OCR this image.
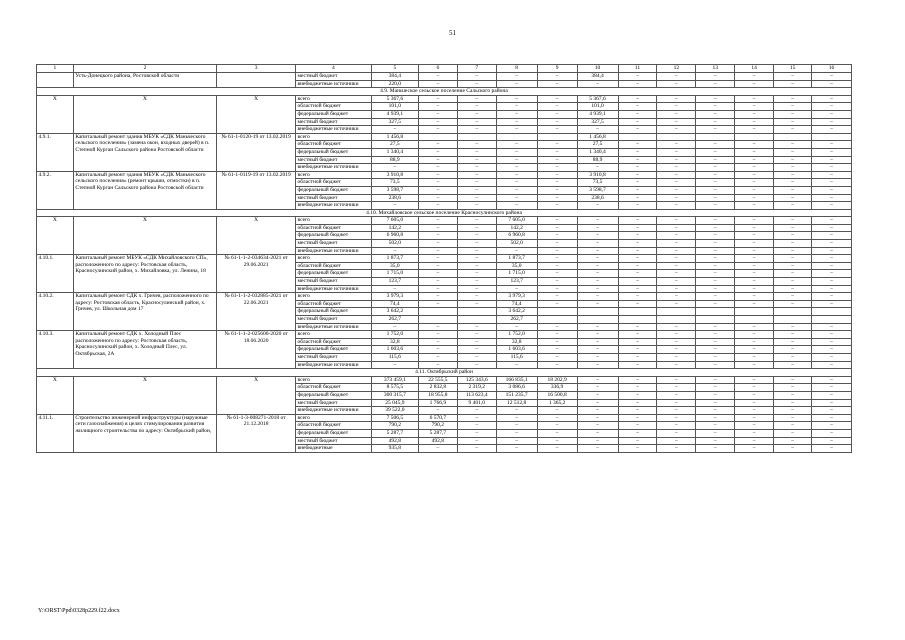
51
1	2	3	4	5	6	7	8	9	10	11	12	13	14	15	16
	Усть-Донецкого района, Ростовской области		местный бюджет	384,4	–	–	–	–	384,4	–	–	–	–	–	–
			внебюджетные источники	220,0	–	–	–	–	–	–	–	–	–	–	–
4.9. Маньческое сельское поселение Сальского района															
Х	Х	Х	всего	5 367,6	–	–	–	–	5 367,6	–	–	–	–	–	–
			областной бюджет	101,0	–	–	–	–	101,0	–	–	–	–	–	–
			федеральный бюджет	4 939,1	–	–	–	–	4 939,1	–	–	–	–	–	–
			местный бюджет	327,5	–	–	–	–	327,5	–	–	–	–	–	–
			внебюджетные источники	–	–	–	–	–	–	–	–	–	–	–	–
4.9.1.	Капитальный ремонт здания МБУК «СДК Маньческого сельского поселения» (замена окон, входных дверей) в п. Степной Курган Сальского района Ростовской области	№ 61-1-0120-19 от 13.02.2019	всего	1 456,8					1 456,8						
			областной бюджет	27,5	–	–	–	–	27,5	–	–	–	–	–	–
			федеральный бюджет	1 340,4	–	–	–	–	1 340,4	–	–	–	–	–	–
			местный бюджет	88,9	–	–	–	–	88,9	–	–	–	–	–	–
			внебюджетные источники	–	–	–	–	–	–	–	–	–	–	–	–
4.9.2.	Капитальный ремонт здания МБУК «СДК Маньческого сельского поселения» (ремонт крыши, отмостки) в п. Степной Курган Сальского района Ростовской области	№ 61-1-0119-19 от 13.02.2019	всего	3 910,8	–	–	–	–	3 910,8	–	–	–	–	–	–
			областной бюджет	73,5	–	–	–	–	73,5	–	–	–	–	–	–
			федеральный бюджет	3 598,7	–	–	–	–	3 598,7	–	–	–	–	–	–
			местный бюджет	238,6	–	–	–	–	238,6	–	–	–	–	–	–
			внебюджетные источники	–	–	–	–	–	–	–	–	–	–	–	–
4.10. Михайловское сельское поселение Красносулинского района															
Х	Х	Х	всего	7 605,0	–	–	7 605,0	–	–	–	–	–	–	–	–
			областной бюджет	142,2	–	–	142,2	–	–	–	–	–	–	–	–
			федеральный бюджет	6 960,8	–	–	6 960,8	–	–	–	–	–	–	–	–
			местный бюджет	502,0	–	–	502,0	–	–	–	–	–	–	–	–
			внебюджетные источники	–	–	–	–	–	–	–	–	–	–	–	–
4.10.1.	Капитальный ремонт МБУК «СДК Михайловского СП», расположенного по адресу: Ростовская область, Красносулинский район, х. Михайловка, ул. Ленина, 18	№ 61-1-1-2-034634-2021 от 29.06.2021	всего	1 873,7	–	–	1 873,7	–	–	–	–	–	–	–	–
			областной бюджет	35,0	–	–	35,0	–	–	–	–	–	–	–	–
			федеральный бюджет	1 715,0	–	–	1 715,0	–	–	–	–	–	–	–	–
			местный бюджет	123,7	–	–	123,7	–	–	–	–	–	–	–	–
			внебюджетные источники	–	–	–	–	–	–	–	–	–	–	–	–
4.10.2.	Капитальный ремонт СДК х. Гричев, расположенного по адресу: Ростовская область, Красносулинский район, х. Гричев, ул. Школьная дом 17	№ 61-1-1-2-032885-2021 от 22.06.2021	всего	3 979,3	–	–	3 979,3	–	–	–	–	–	–	–	–
			областной бюджет	74,4	–	–	74,4	–	–	–	–	–	–	–	–
			федеральный бюджет	3 642,2			3 642,2								
			местный бюджет	262,7			262,7								
			внебюджетные источники	–	–	–	–	–	–	–	–	–	–	–	–
4.10.3.	Капитальный ремонт СДК х. Холодный Плес расположенного по адресу: Ростовская область, Красносулинский район, х. Холодный Плес, ул. Октябрьская, 2А	№ 61-1-1-2-025600-2020 от 18.06.2020	всего	1 752,0	–	–	1 752,0	–	–	–	–	–	–	–	–
			областной бюджет	32,8	–	–	32,8	–	–	–	–	–	–	–	–
			федеральный бюджет	1 603,6	–	–	1 603,6	–	–	–	–	–	–	–	–
			местный бюджет	115,6	–	–	115,6	–	–	–	–	–	–	–	–
			внебюджетные источники	–	–	–	–	–	–	–	–	–	–	–	–
4.11. Октябрьский район															
Х	Х	Х	всего	373 459,1	22 555,5	125 343,6	166 835,1	18 202,9	–	–	–	–	–	–	–
			областной бюджет	8 575,5	2 832,8	2 319,2	3 086,6	336,9	–	–	–	–	–	–	–
			федеральный бюджет	300 315,7	18 955,8	113 623,4	151 235,7	16 500,8	–	–	–	–	–	–	–
			местный бюджет	25 045,9	1 766,9	9 401,0	12 512,8	1 365,2	–	–	–	–	–	–	–
			внебюджетные источники	39 522,0	–	–	–	–	–	–	–	–	–	–	–
4.11.1.	Строительство инженерной инфраструктуры (наружные сети газоснабжения) в целях стимулирования развития жилищного строительства по адресу: Октябрьский район,	№ 61-1-3-008271-2018 от 21.12.2018	всего	7 506,5	6 570,7	–	–	–	–	–	–	–	–	–	–
			областной бюджет	790,2	790,2	–	–	–	–	–	–	–	–	–	–
			федеральный бюджет	5 287,7	5 287,7	–	–	–	–	–	–	–	–	–	–
			местный бюджет	492,8	492,8	–	–	–	–	–	–	–	–	–	–
			внебюджетные	935,8	–	–	–	–	–	–	–	–	–	–	–
Y:\ORST\Ppd\0328p229.f22.docx
